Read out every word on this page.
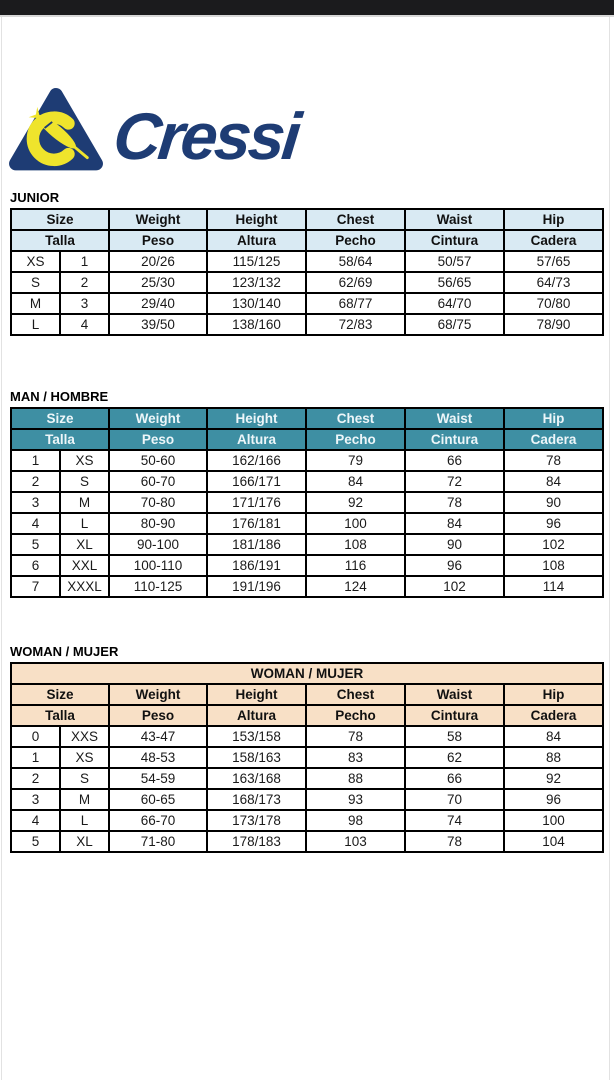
Cressi
JUNIOR
Size		Weight	Height	Chest	Waist	Hip
Talla		Peso	Altura	Pecho	Cintura	Cadera
XS	1	20/26	115/125	58/64	50/57	57/65
S	2	25/30	123/132	62/69	56/65	64/73
M	3	29/40	130/140	68/77	64/70	70/80
L	4	39/50	138/160	72/83	68/75	78/90
MAN / HOMBRE
Size		Weight	Height	Chest	Waist	Hip
Talla		Peso	Altura	Pecho	Cintura	Cadera
1	XS	50-60	162/166	79	66	78
2	S	60-70	166/171	84	72	84
3	M	70-80	171/176	92	78	90
4	L	80-90	176/181	100	84	96
5	XL	90-100	181/186	108	90	102
6	XXL	100-110	186/191	116	96	108
7	XXXL	110-125	191/196	124	102	114
WOMAN / MUJER
WOMAN / MUJER						
Size		Weight	Height	Chest	Waist	Hip
Talla		Peso	Altura	Pecho	Cintura	Cadera
0	XXS	43-47	153/158	78	58	84
1	XS	48-53	158/163	83	62	88
2	S	54-59	163/168	88	66	92
3	M	60-65	168/173	93	70	96
4	L	66-70	173/178	98	74	100
5	XL	71-80	178/183	103	78	104
